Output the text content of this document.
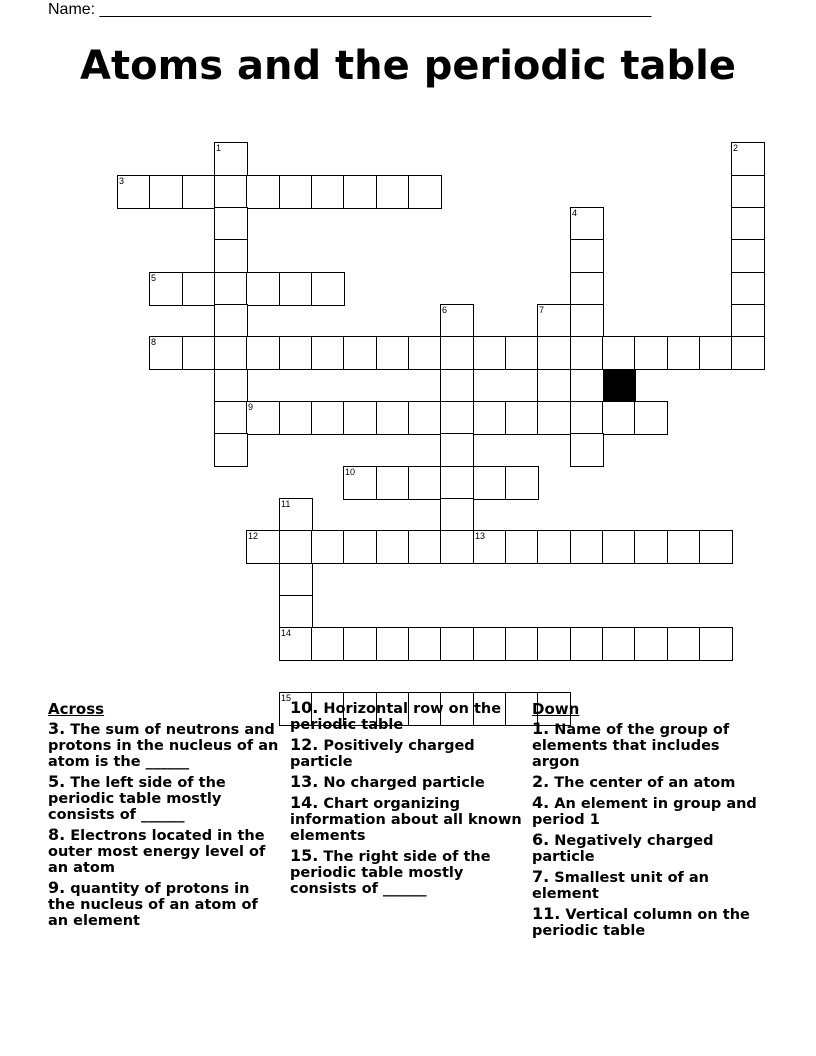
Name: ______________________________________________________________
Atoms and the periodic table
1	2
3
4
5
6	7
8
9
10
11
12	13
14
15
Across
3. The sum of neutrons and protons in the nucleus of an atom is the ______
5. The left side of the periodic table mostly consists of ______
8. Electrons located in the outer most energy level of an atom
9. quantity of protons in the nucleus of an atom of an element
10. Horizontal row on the periodic table
12. Positively charged particle
13. No charged particle
14. Chart organizing information about all known elements
15. The right side of the periodic table mostly consists of ______
Down
1. Name of the group of elements that includes argon
2. The center of an atom
4. An element in group and period 1
6. Negatively charged particle
7. Smallest unit of an element
11. Vertical column on the periodic table
